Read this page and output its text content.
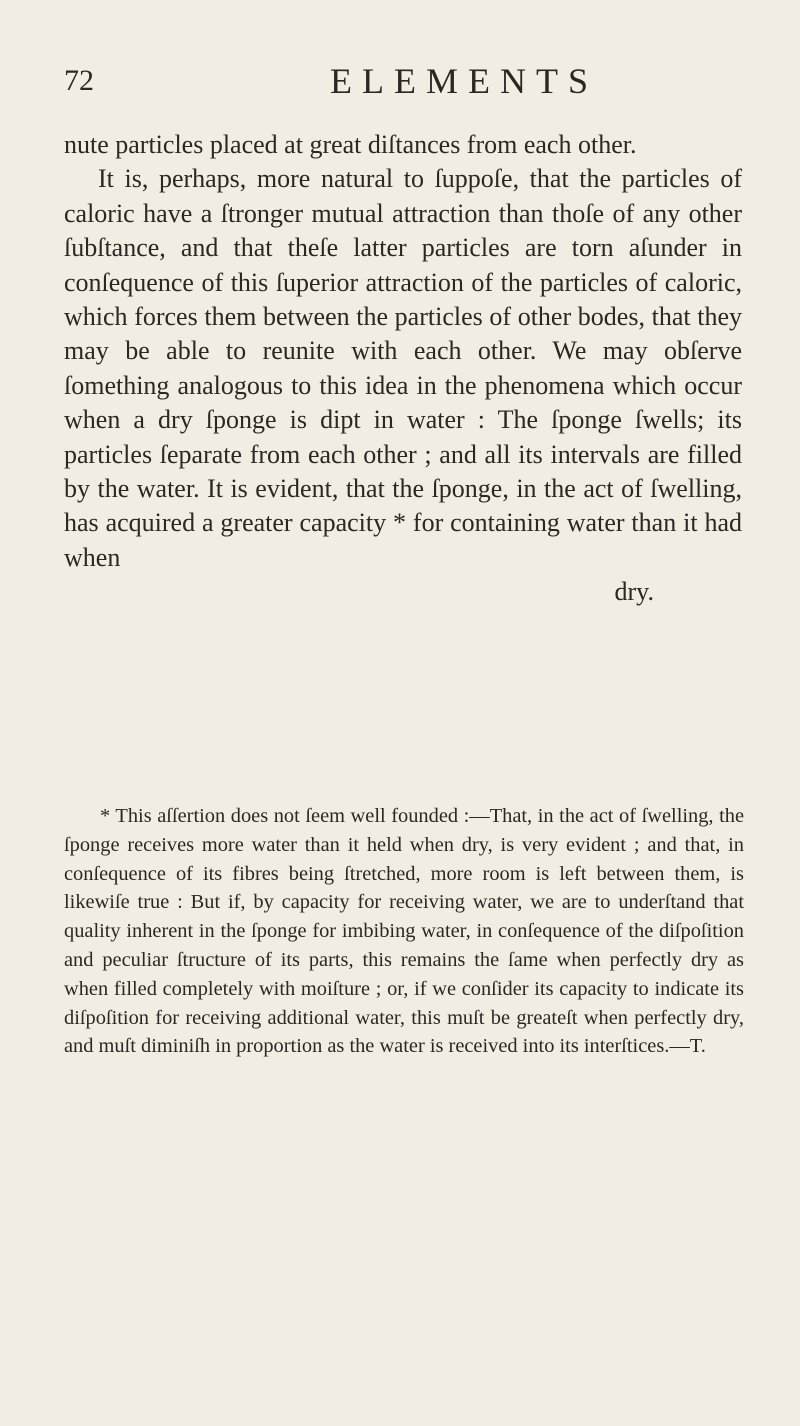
72	ELEMENTS

nute particles placed at great diſtances from each other.

It is, perhaps, more natural to ſuppoſe, that the particles of caloric have a ſtronger mutual attraction than thoſe of any other ſubſtance, and that theſe latter particles are torn aſunder in conſequence of this ſuperior attraction of the particles of caloric, which forces them between the particles of other bodes, that they may be able to reunite with each other. We may obſerve ſomething analogous to this idea in the phenomena which occur when a dry ſponge is dipt in water : The ſponge ſwells; its particles ſeparate from each other ; and all its intervals are filled by the water. It is evident, that the ſponge, in the act of ſwelling, has acquired a greater capacity * for containing water than it had when

dry.

* This aſſertion does not ſeem well founded :—That, in the act of ſwelling, the ſponge receives more water than it held when dry, is very evident ; and that, in conſequence of its fibres being ſtretched, more room is left between them, is likewiſe true : But if, by capacity for receiving water, we are to underſtand that quality inherent in the ſponge for imbibing water, in conſequence of the diſpoſition and peculiar ſtructure of its parts, this remains the ſame when perfectly dry as when filled completely with moiſture ; or, if we conſider its capacity to indicate its diſpoſition for receiving additional water, this muſt be greateſt when perfectly dry, and muſt diminiſh in proportion as the water is received into its interſtices.—T.
